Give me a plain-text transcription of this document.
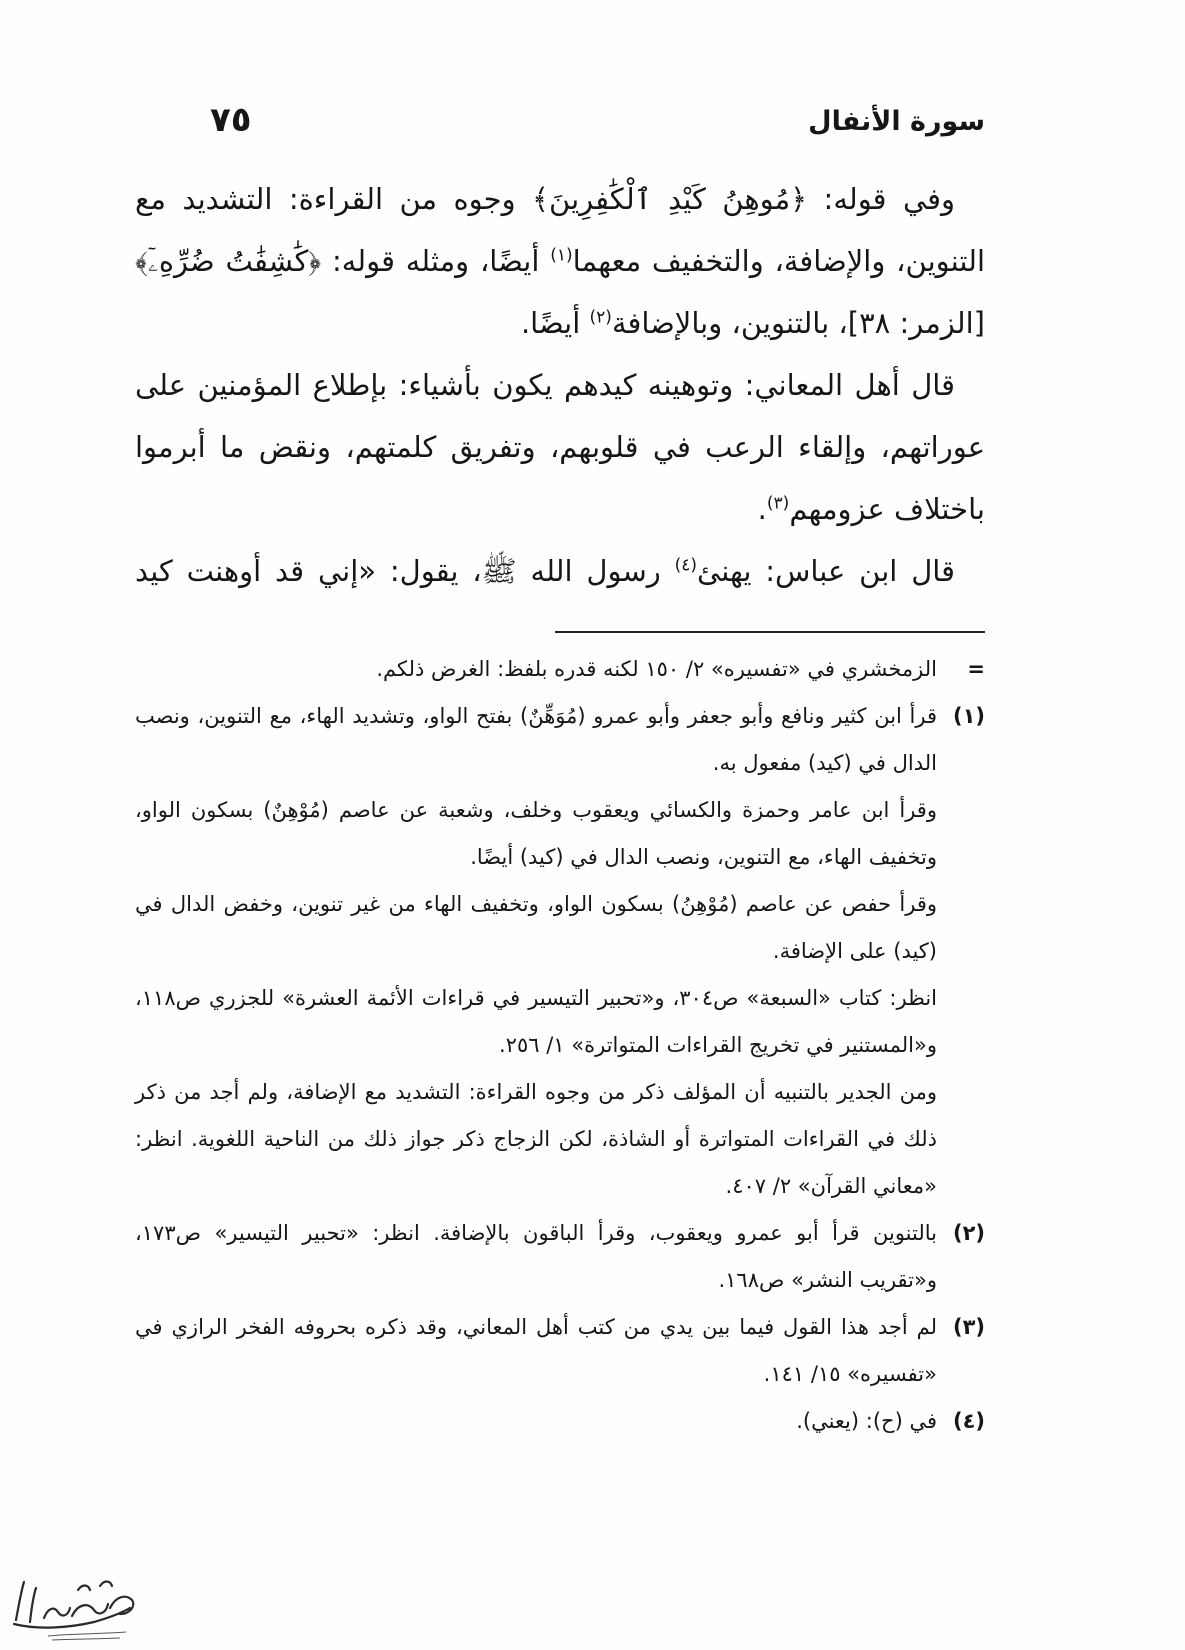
سورة الأنفال
٧٥

وفي قوله: ﴿مُوهِنُ كَيْدِ ٱلْكَٰفِرِينَ﴾ وجوه من القراءة: التشديد مع التنوين، والإضافة، والتخفيف معهما$^{(١)}$ أيضًا، ومثله قوله: ﴿كَٰشِفَٰتُ ضُرِّهِۦٓ﴾ [الزمر: ٣٨]، بالتنوين، وبالإضافة$^{(٢)}$ أيضًا.

قال أهل المعاني: وتوهينه كيدهم يكون بأشياء: بإطلاع المؤمنين على عوراتهم، وإلقاء الرعب في قلوبهم، وتفريق كلمتهم، ونقض ما أبرموا باختلاف عزومهم$^{(٣)}$.

قال ابن عباس: يهنئ$^{(٤)}$ رسول الله ﷺ، يقول: «إني قد أوهنت كيد

=

الزمخشري في «تفسيره» ٢/ ١٥٠ لكنه قدره بلفظ: الغرض ذلكم.

(١)

قرأ ابن كثير ونافع وأبو جعفر وأبو عمرو (مُوَهِّنٌ) بفتح الواو، وتشديد الهاء، مع التنوين، ونصب الدال في (كيد) مفعول به.

وقرأ ابن عامر وحمزة والكسائي ويعقوب وخلف، وشعبة عن عاصم (مُوْهِنٌ) بسكون الواو، وتخفيف الهاء، مع التنوين، ونصب الدال في (كيد) أيضًا.

وقرأ حفص عن عاصم (مُوْهِنُ) بسكون الواو، وتخفيف الهاء من غير تنوين، وخفض الدال في (كيد) على الإضافة.

انظر: كتاب «السبعة» ص٣٠٤، و«تحبير التيسير في قراءات الأئمة العشرة» للجزري ص١١٨، و«المستنير في تخريج القراءات المتواترة» ١/ ٢٥٦.

ومن الجدير بالتنبيه أن المؤلف ذكر من وجوه القراءة: التشديد مع الإضافة، ولم أجد من ذكر ذلك في القراءات المتواترة أو الشاذة، لكن الزجاج ذكر جواز ذلك من الناحية اللغوية. انظر: «معاني القرآن» ٢/ ٤٠٧.

(٢)

بالتنوين قرأ أبو عمرو ويعقوب، وقرأ الباقون بالإضافة. انظر: «تحبير التيسير» ص١٧٣، و«تقريب النشر» ص١٦٨.

(٣)

لم أجد هذا القول فيما بين يدي من كتب أهل المعاني، وقد ذكره بحروفه الفخر الرازي في «تفسيره» ١٥/ ١٤١.

(٤)

في (ح): (يعني).
